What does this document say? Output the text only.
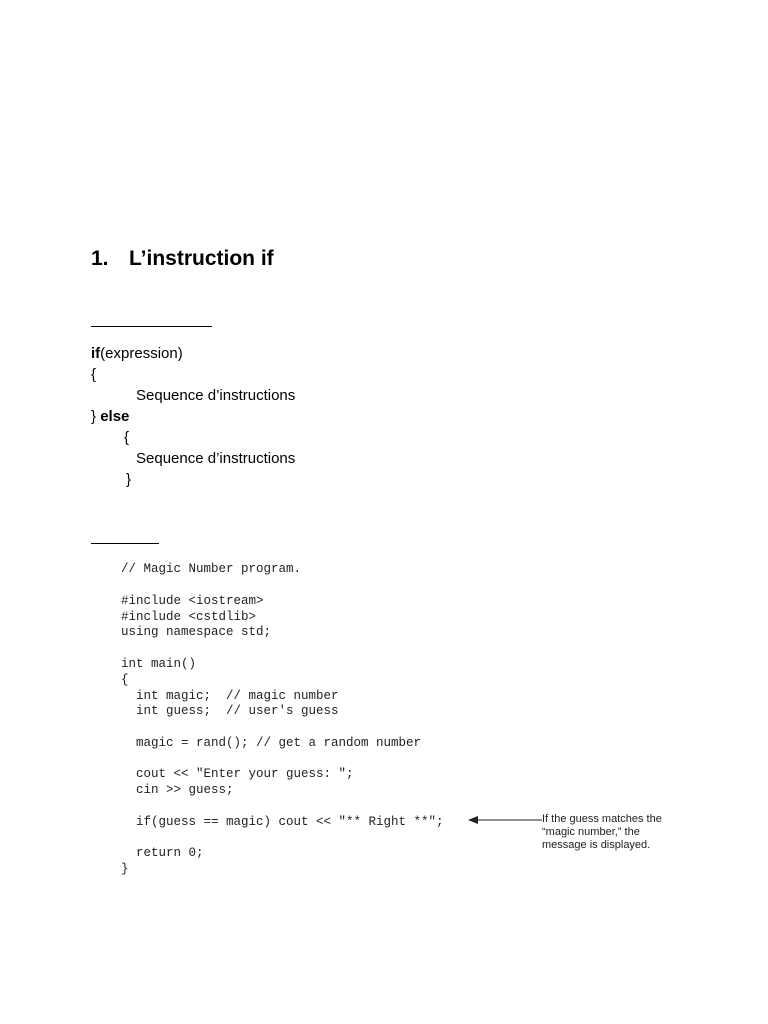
1. L’instruction if
if(expression)
{
Sequence d’instructions
} else
{
Sequence d’instructions
}
// Magic Number program.
#include <iostream>
#include <cstdlib>
using namespace std;
int main()
{
int magic;  // magic number
int guess;  // user's guess
magic = rand(); // get a random number
cout << "Enter your guess: ";
cin >> guess;
if(guess == magic) cout << "** Right **";
return 0;
}
If the guess matches the
“magic number,” the
message is displayed.
